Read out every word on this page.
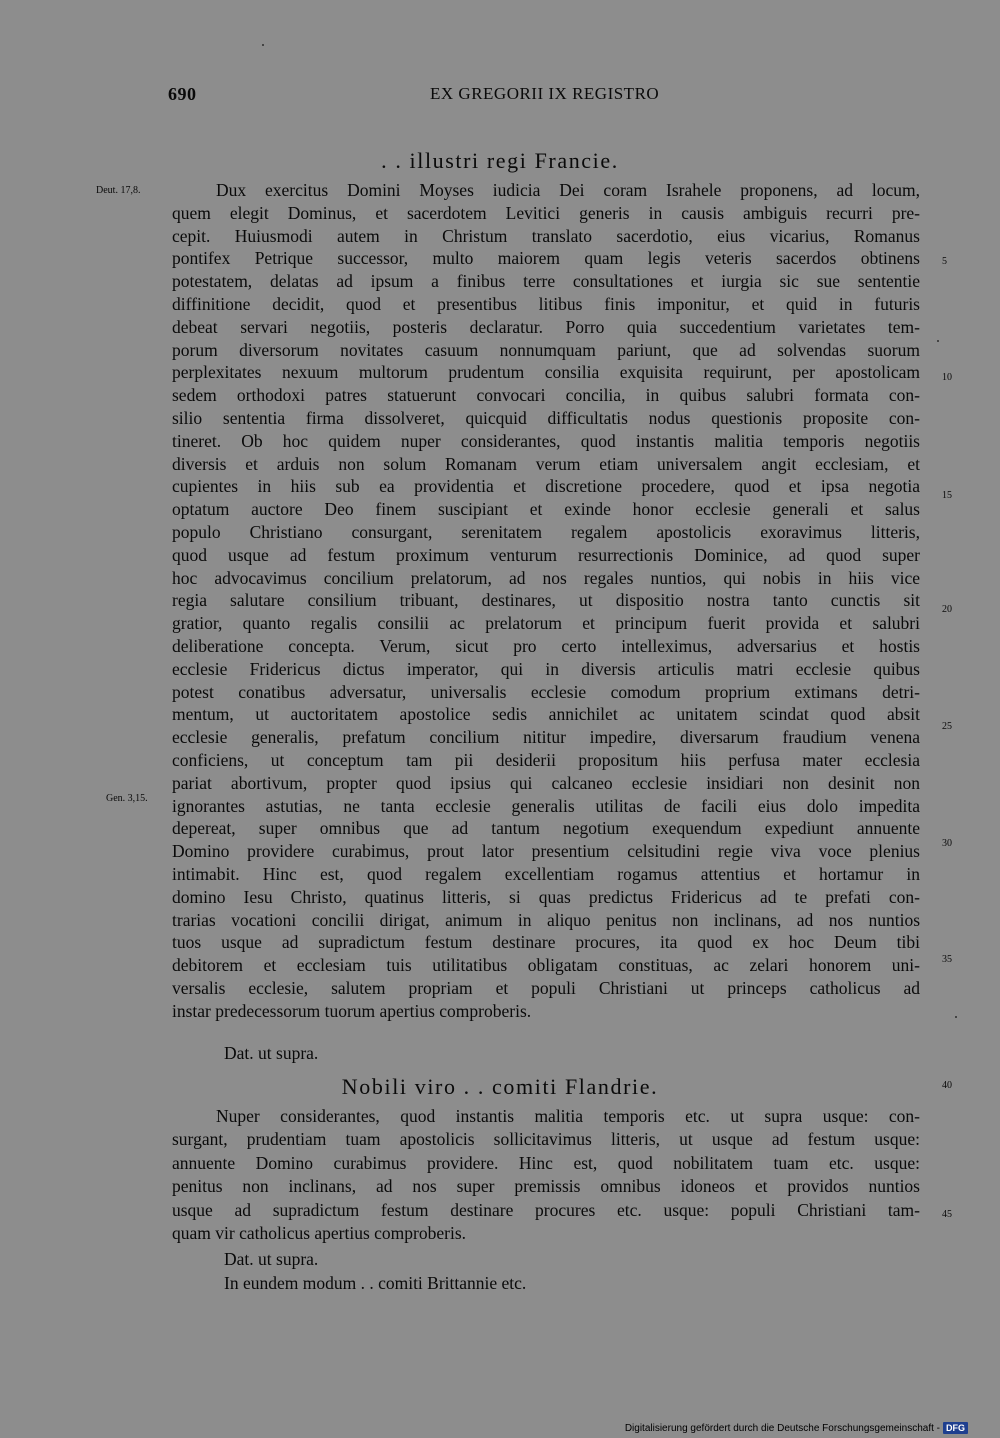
690	EX GREGORII IX REGISTRO
. . illustri regi Francie.
Deut. 17,8.
Gen. 3,15.
Dux exercitus Domini Moyses iudicia Dei coram Israhele proponens, ad locum,
quem elegit Dominus, et sacerdotem Levitici generis in causis ambiguis recurri pre-
cepit. Huiusmodi autem in Christum translato sacerdotio, eius vicarius, Romanus
pontifex Petrique successor, multo maiorem quam legis veteris sacerdos obtinens
potestatem, delatas ad ipsum a finibus terre consultationes et iurgia sic sue sententie
diffinitione decidit, quod et presentibus litibus finis imponitur, et quid in futuris
debeat servari negotiis, posteris declaratur. Porro quia succedentium varietates tem-
porum diversorum novitates casuum nonnumquam pariunt, que ad solvendas suorum
perplexitates nexuum multorum prudentum consilia exquisita requirunt, per apostolicam
sedem orthodoxi patres statuerunt convocari concilia, in quibus salubri formata con-
silio sententia firma dissolveret, quicquid difficultatis nodus questionis proposite con-
tineret. Ob hoc quidem nuper considerantes, quod instantis malitia temporis negotiis
diversis et arduis non solum Romanam verum etiam universalem angit ecclesiam, et
cupientes in hiis sub ea providentia et discretione procedere, quod et ipsa negotia
optatum auctore Deo finem suscipiant et exinde honor ecclesie generali et salus
populo Christiano consurgant, serenitatem regalem apostolicis exoravimus litteris,
quod usque ad festum proximum venturum resurrectionis Dominice, ad quod super
hoc advocavimus concilium prelatorum, ad nos regales nuntios, qui nobis in hiis vice
regia salutare consilium tribuant, destinares, ut dispositio nostra tanto cunctis sit
gratior, quanto regalis consilii ac prelatorum et principum fuerit provida et salubri
deliberatione concepta. Verum, sicut pro certo intelleximus, adversarius et hostis
ecclesie Fridericus dictus imperator, qui in diversis articulis matri ecclesie quibus
potest conatibus adversatur, universalis ecclesie comodum proprium extimans detri-
mentum, ut auctoritatem apostolice sedis annichilet ac unitatem scindat quod absit
ecclesie generalis, prefatum concilium nititur impedire, diversarum fraudium venena
conficiens, ut conceptum tam pii desiderii propositum hiis perfusa mater ecclesia
pariat abortivum, propter quod ipsius qui calcaneo ecclesie insidiari non desinit non
ignorantes astutias, ne tanta ecclesie generalis utilitas de facili eius dolo impedita
depereat, super omnibus que ad tantum negotium exequendum expediunt annuente
Domino providere curabimus, prout lator presentium celsitudini regie viva voce plenius
intimabit. Hinc est, quod regalem excellentiam rogamus attentius et hortamur in
domino Iesu Christo, quatinus litteris, si quas predictus Fridericus ad te prefati con-
trarias vocationi concilii dirigat, animum in aliquo penitus non inclinans, ad nos nuntios
tuos usque ad supradictum festum destinare procures, ita quod ex hoc Deum tibi
debitorem et ecclesiam tuis utilitatibus obligatam constituas, ac zelari honorem uni-
versalis ecclesie, salutem propriam et populi Christiani ut princeps catholicus ad
instar predecessorum tuorum apertius comproberis.
Dat. ut supra.
Nobili viro . . comiti Flandrie.
Nuper considerantes, quod instantis malitia temporis etc. ut supra usque: con-
surgant, prudentiam tuam apostolicis sollicitavimus litteris, ut usque ad festum usque:
annuente Domino curabimus providere. Hinc est, quod nobilitatem tuam etc. usque:
penitus non inclinans, ad nos super premissis omnibus idoneos et providos nuntios
usque ad supradictum festum destinare procures etc. usque: populi Christiani tam-
quam vir catholicus apertius comproberis.
Dat. ut supra.
In eundem modum . . comiti Brittannie etc.
5
10
15
20
25
30
35
40
45
Digitalisierung gefördert durch die Deutsche Forschungsgemeinschaft - DFG
